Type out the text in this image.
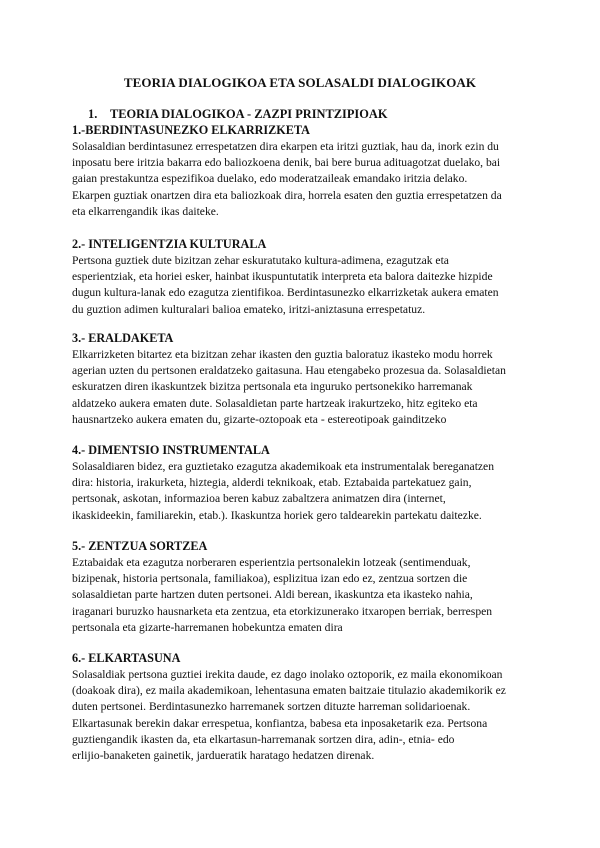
TEORIA DIALOGIKOA ETA SOLASALDI DIALOGIKOAK
1. TEORIA DIALOGIKOA - ZAZPI PRINTZIPIOAK
1.-BERDINTASUNEZKO ELKARRIZKETA

Solasaldian berdintasunez errespetatzen dira ekarpen eta iritzi guztiak, hau da, inork ezin du
inposatu bere iritzia bakarra edo baliozkoena denik, bai bere burua adituagotzat duelako, bai
gaian prestakuntza espezifikoa duelako, edo moderatzaileak emandako iritzia delako.
Ekarpen guztiak onartzen dira eta baliozkoak dira, horrela esaten den guztia errespetatzen da
eta elkarrengandik ikas daiteke.

2.- INTELIGENTZIA KULTURALA

Pertsona guztiek dute bizitzan zehar eskuratutako kultura-adimena, ezagutzak eta
esperientziak, eta horiei esker, hainbat ikuspuntutatik interpreta eta balora daitezke hizpide
dugun kultura-lanak edo ezagutza zientifikoa. Berdintasunezko elkarrizketak aukera ematen
du guztion adimen kulturalari balioa emateko, iritzi-aniztasuna errespetatuz.

3.- ERALDAKETA

Elkarrizketen bitartez eta bizitzan zehar ikasten den guztia baloratuz ikasteko modu horrek
agerian uzten du pertsonen eraldatzeko gaitasuna. Hau etengabeko prozesua da. Solasaldietan
eskuratzen diren ikaskuntzek bizitza pertsonala eta inguruko pertsonekiko harremanak
aldatzeko aukera ematen dute. Solasaldietan parte hartzeak irakurtzeko, hitz egiteko eta
hausnartzeko aukera ematen du, gizarte-oztopoak eta - estereotipoak gainditzeko

4.- DIMENTSIO INSTRUMENTALA

Solasaldiaren bidez, era guztietako ezagutza akademikoak eta instrumentalak bereganatzen
dira: historia, irakurketa, hiztegia, alderdi teknikoak, etab. Eztabaida partekatuez gain,
pertsonak, askotan, informazioa beren kabuz zabaltzera animatzen dira (internet,
ikaskideekin, familiarekin, etab.). Ikaskuntza horiek gero taldearekin partekatu daitezke.

5.- ZENTZUA SORTZEA

Eztabaidak eta ezagutza norberaren esperientzia pertsonalekin lotzeak (sentimenduak,
bizipenak, historia pertsonala, familiakoa), esplizitua izan edo ez, zentzua sortzen die
solasaldietan parte hartzen duten pertsonei. Aldi berean, ikaskuntza eta ikasteko nahia,
iraganari buruzko hausnarketa eta zentzua, eta etorkizunerako itxaropen berriak, berrespen
pertsonala eta gizarte-harremanen hobekuntza ematen dira

6.- ELKARTASUNA

Solasaldiak pertsona guztiei irekita daude, ez dago inolako oztoporik, ez maila ekonomikoan
(doakoak dira), ez maila akademikoan, lehentasuna ematen baitzaie titulazio akademikorik ez
duten pertsonei. Berdintasunezko harremanek sortzen dituzte harreman solidarioenak.
Elkartasunak berekin dakar errespetua, konfiantza, babesa eta inposaketarik eza. Pertsona
guztiengandik ikasten da, eta elkartasun-harremanak sortzen dira, adin-, etnia- edo
erlijio-banaketen gainetik, jardueratik haratago hedatzen direnak.
